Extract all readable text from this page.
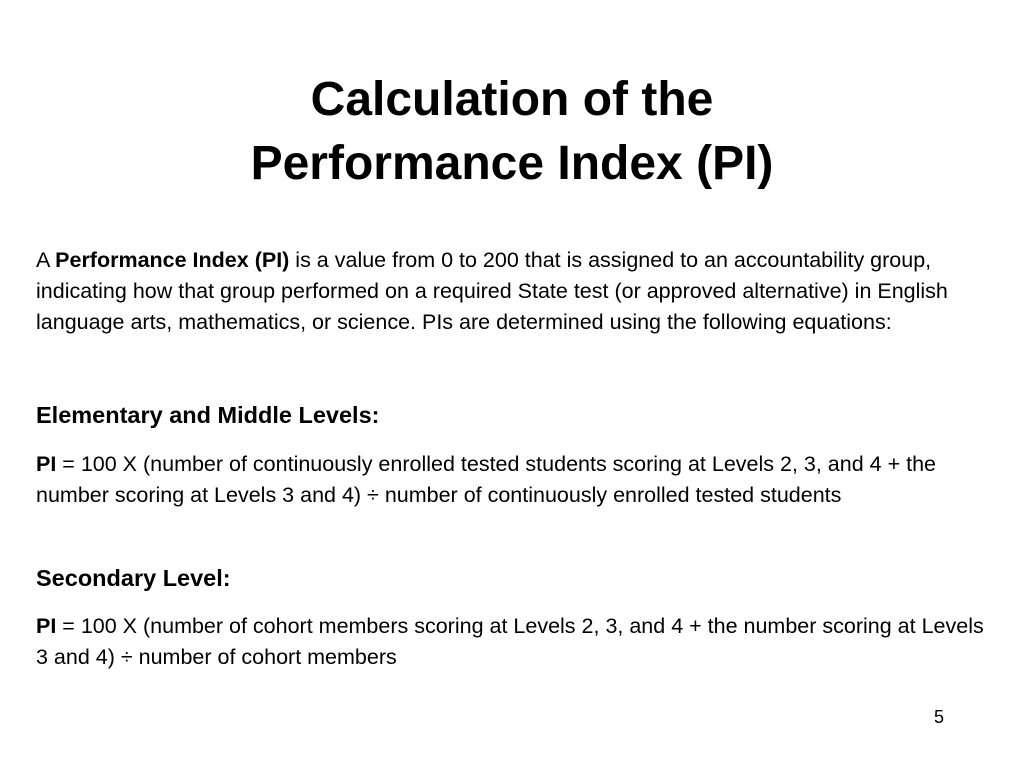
Calculation of the
Performance Index (PI)
A Performance Index (PI) is a value from 0 to 200 that is assigned to an accountability group, indicating how that group performed on a required State test (or approved alternative) in English language arts, mathematics, or science. PIs are determined using the following equations:
Elementary and Middle Levels:
PI = 100 X (number of continuously enrolled tested students scoring at Levels 2, 3, and 4 + the number scoring at Levels 3 and 4) ÷ number of continuously enrolled tested students
Secondary Level:
PI = 100 X (number of cohort members scoring at Levels 2, 3, and 4 + the number scoring at Levels 3 and 4) ÷ number of cohort members
5
